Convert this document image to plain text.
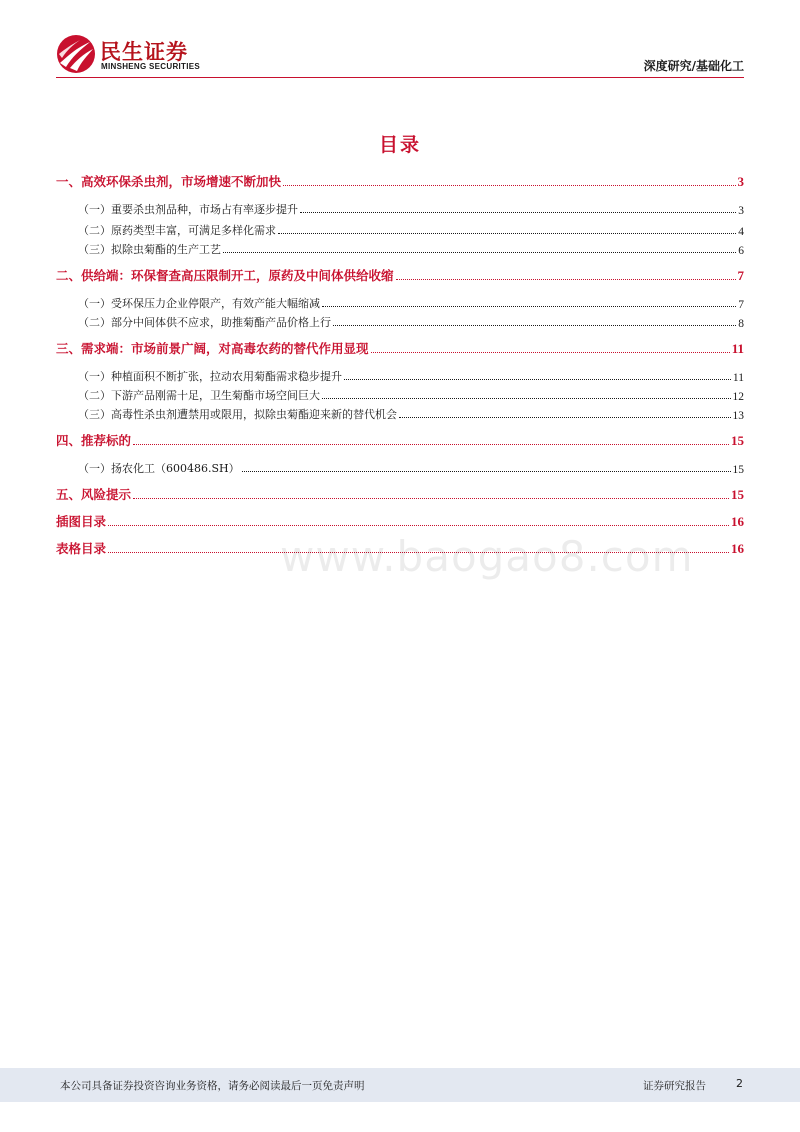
民生证券
MINSHENG SECURITIES	深度研究/基础化工
目录
一、高效环保杀虫剂，市场增速不断加快	3
（一）重要杀虫剂品种，市场占有率逐步提升	3
（二）原药类型丰富，可满足多样化需求	4
（三）拟除虫菊酯的生产工艺	6
二、供给端：环保督查高压限制开工，原药及中间体供给收缩	7
（一）受环保压力企业停限产，有效产能大幅缩减	7
（二）部分中间体供不应求，助推菊酯产品价格上行	8
三、需求端：市场前景广阔，对高毒农药的替代作用显现	11
（一）种植面积不断扩张，拉动农用菊酯需求稳步提升	11
（二）下游产品刚需十足，卫生菊酯市场空间巨大	12
（三）高毒性杀虫剂遭禁用或限用，拟除虫菊酯迎来新的替代机会	13
四、推荐标的	15
（一）扬农化工（600486.SH）	15
五、风险提示	15
插图目录	16
表格目录	16
www.baogao8.com
本公司具备证券投资咨询业务资格，请务必阅读最后一页免责声明	证券研究报告	2
